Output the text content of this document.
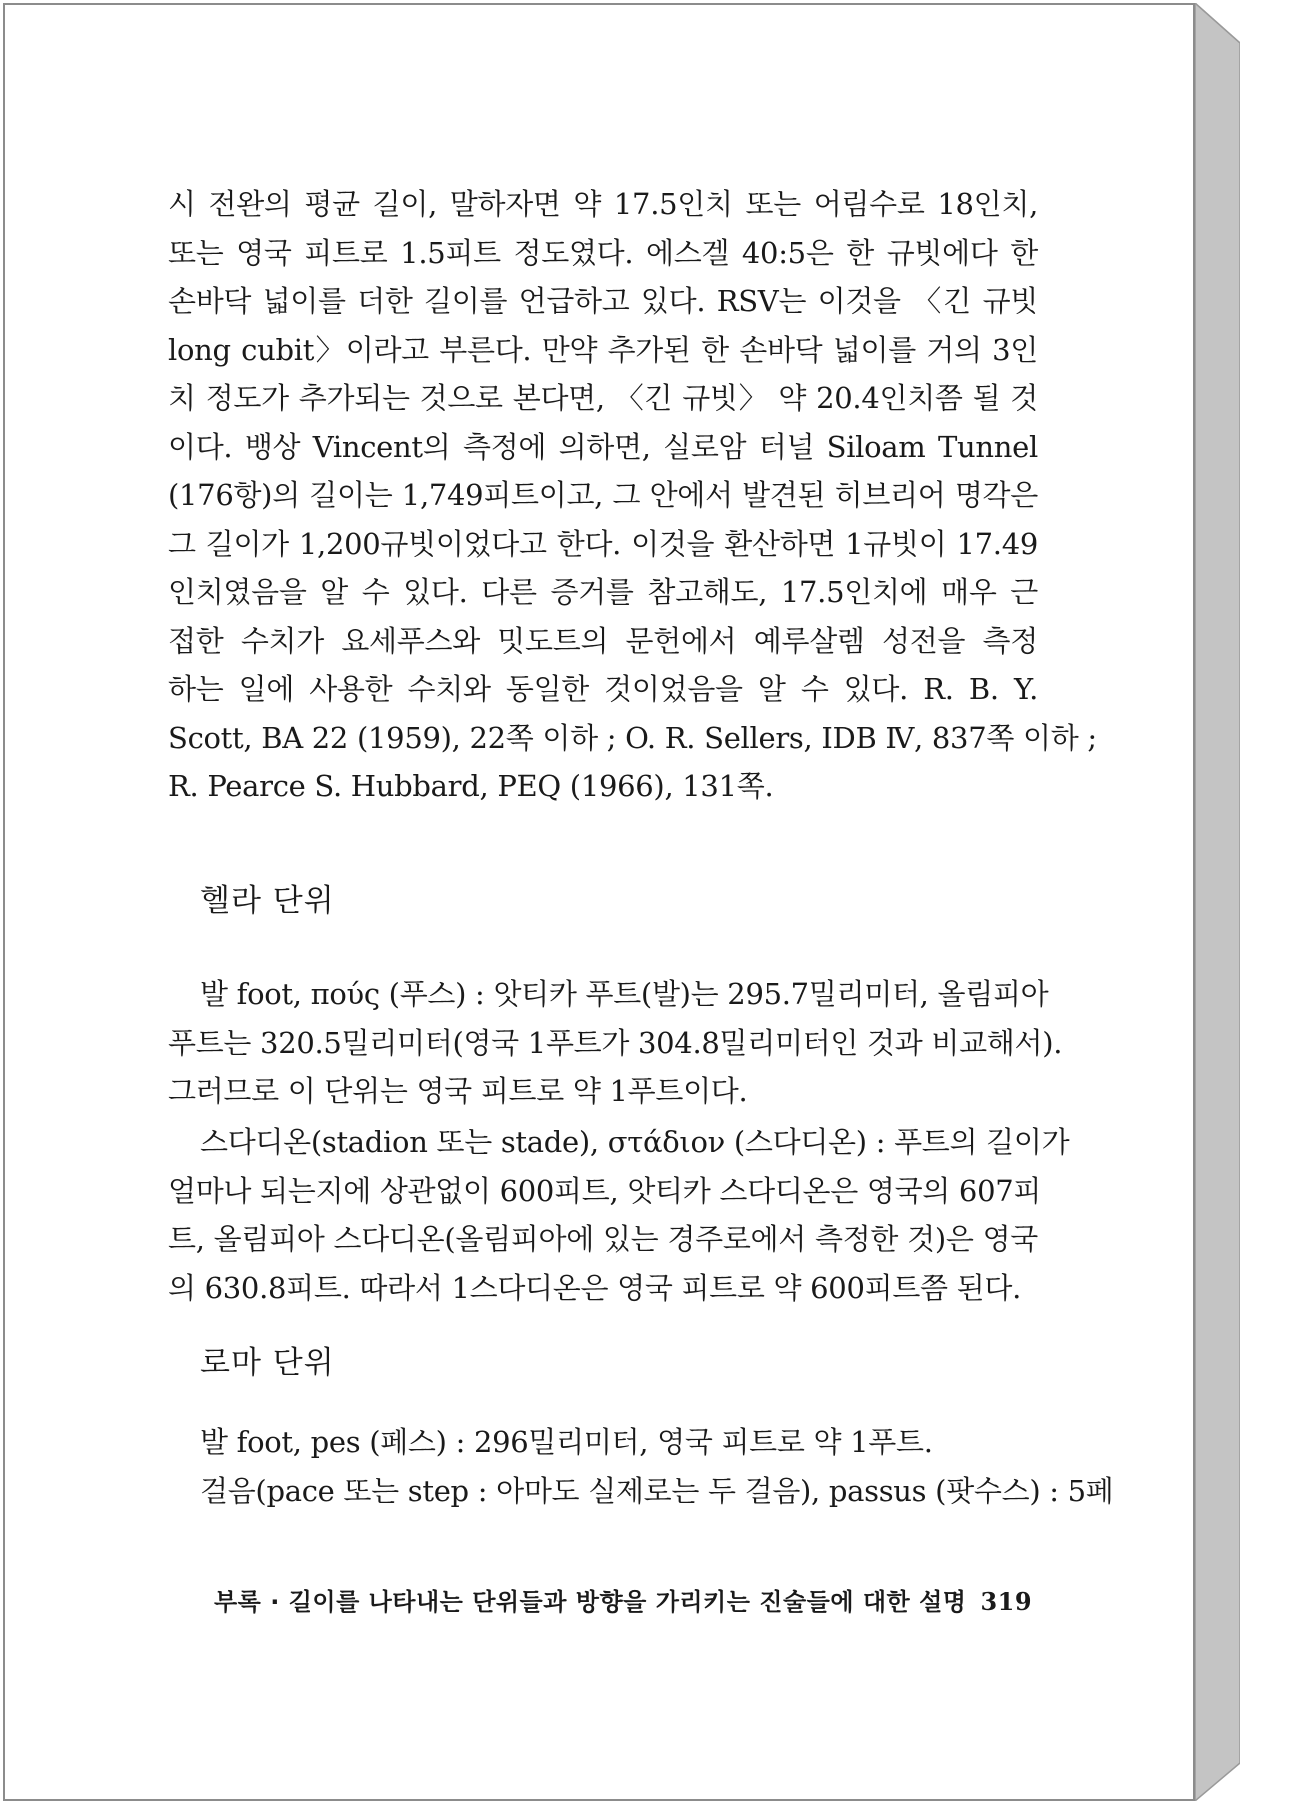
시 전완의 평균 길이, 말하자면 약 17.5인치 또는 어림수로 18인치,
또는 영국 피트로 1.5피트 정도였다. 에스겔 40:5은 한 규빗에다 한
손바닥 넓이를 더한 길이를 언급하고 있다. RSV는 이것을 〈긴 규빗
long cubit〉이라고 부른다. 만약 추가된 한 손바닥 넓이를 거의 3인
치 정도가 추가되는 것으로 본다면, 〈긴 규빗〉 약 20.4인치쯤 될 것
이다. 뱅상 Vincent의 측정에 의하면, 실로암 터널 Siloam Tunnel
(176항)의 길이는 1,749피트이고, 그 안에서 발견된 히브리어 명각은
그 길이가 1,200규빗이었다고 한다. 이것을 환산하면 1규빗이 17.49
인치였음을 알 수 있다. 다른 증거를 참고해도, 17.5인치에 매우 근
접한 수치가 요세푸스와 밋도트의 문헌에서 예루살렘 성전을 측정
하는 일에 사용한 수치와 동일한 것이었음을 알 수 있다. R. B. Y.
Scott, BA 22 (1959), 22쪽 이하 ; O. R. Sellers, IDB Ⅳ, 837쪽 이하 ;
R. Pearce S. Hubbard, PEQ (1966), 131쪽.
헬라 단위
발 foot, πούς (푸스) : 앗티카 푸트(발)는 295.7밀리미터, 올림피아
푸트는 320.5밀리미터(영국 1푸트가 304.8밀리미터인 것과 비교해서).
그러므로 이 단위는 영국 피트로 약 1푸트이다.
스다디온(stadion 또는 stade), στάδιον (스다디온) : 푸트의 길이가
얼마나 되는지에 상관없이 600피트, 앗티카 스다디온은 영국의 607피
트, 올림피아 스다디온(올림피아에 있는 경주로에서 측정한 것)은 영국
의 630.8피트. 따라서 1스다디온은 영국 피트로 약 600피트쯤 된다.
로마 단위
발 foot, pes (페스) : 296밀리미터, 영국 피트로 약 1푸트.
걸음(pace 또는 step : 아마도 실제로는 두 걸음), passus (팟수스) : 5페
부록 · 길이를 나타내는 단위들과 방향을 가리키는 진술들에 대한 설명 319
